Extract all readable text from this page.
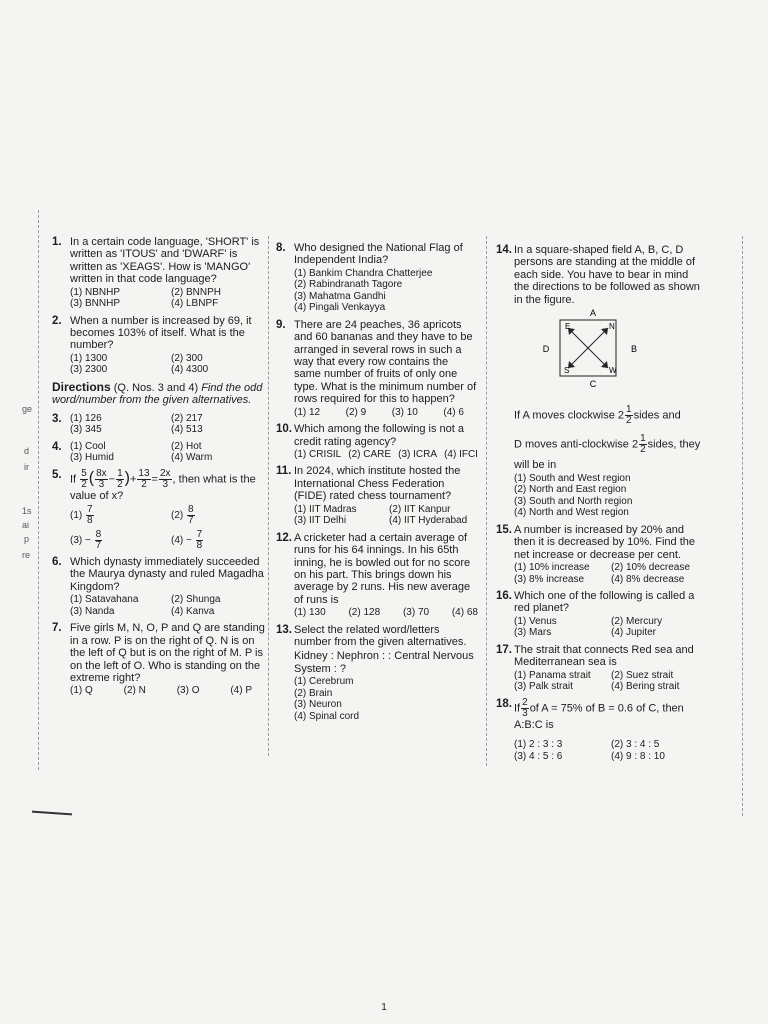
ge
d
ir
1s
ai
p
re
1. In a certain code language, 'SHORT' is written as 'ITOUS' and 'DWARF' is written as 'XEAGS'. How is 'MANGO' written in that code language?
(1) NBNHP	(2) BNNPH
(3) BNNHP	(4) LBNPF
2. When a number is increased by 69, it becomes 103% of itself. What is the number?
(1) 1300	(2) 300
(3) 2300	(4) 4300
Directions (Q. Nos. 3 and 4) Find the odd word/number from the given alternatives.
3. (1) 126	(2) 217
(3) 345	(4) 513
4. (1) Cool	(2) Hot
(3) Humid	(4) Warm
5. If $\frac{5}{2}$ ( $\frac{8x}{3} - \frac{1}{2}$ )+ $\frac{13}{2} = \frac{2x}{3}$ , then what is the value of x?
$(1) \frac{7}{8}$	$(2) \frac{8}{7}$
$(3) - \frac{8}{7}$	$(4) - \frac{7}{8}$
6. Which dynasty immediately succeeded the Maurya dynasty and ruled Magadha Kingdom?
(1) Satavahana	(2) Shunga
(3) Nanda	(4) Kanva
7. Five girls M, N, O, P and Q are standing in a row. P is on the right of Q. N is on the left of Q but is on the right of M. P is on the left of O. Who is standing on the extreme right?
(1) Q	(2) N	(3) O	(4) P
8. Who designed the National Flag of Independent India?
(1) Bankim Chandra Chatterjee
(2) Rabindranath Tagore
(3) Mahatma Gandhi
(4) Pingali Venkayya
9. There are 24 peaches, 36 apricots and 60 bananas and they have to be arranged in several rows in such a way that every row contains the same number of fruits of only one type. What is the minimum number of rows required for this to happen?
(1) 12	(2) 9	(3) 10	(4) 6
10. Which among the following is not a credit rating agency?
(1) CRISIL (2) CARE (3) ICRA (4) IFCI
11. In 2024, which institute hosted the International Chess Federation (FIDE) rated chess tournament?
(1) IIT Madras	(2) IIT Kanpur
(3) IIT Delhi	(4) IIT Hyderabad
12. A cricketer had a certain average of runs for his 64 innings. In his 65th inning, he is bowled out for no score on his part. This brings down his average by 2 runs. His new average of runs is
(1) 130 (2) 128 (3) 70 (4) 68
13. Select the related word/letters number from the given alternatives.
Kidney : Nephron : : Central Nervous System : ?
(1) Cerebrum
(2) Brain
(3) Neuron
(4) Spinal cord
14. In a square-shaped field A, B, C, D persons are standing at the middle of each side. You have to bear in mind the directions to be followed as shown in the figure.
A
C
D	B
E	N
S	W
If A moves clockwise $2 \frac{1}{2}$ sides and
D moves anti-clockwise $2 \frac{1}{2}$ sides, they
will be in
(1) South and West region
(2) North and East region
(3) South and North region
(4) North and West region
15. A number is increased by 20% and then it is decreased by 10%. Find the net increase or decrease per cent.
(1) 10% increase	(2) 10% decrease
(3) 8% increase	(4) 8% decrease
16. Which one of the following is called a red planet?
(1) Venus	(2) Mercury
(3) Mars	(4) Jupiter
17. The strait that connects Red sea and Mediterranean sea is
(1) Panama strait	(2) Suez strait
(3) Palk strait	(4) Bering strait
18. If $\frac{2}{3}$ of A = 75% of B = 0.6 of C, then
A:B:C is
(1) 2 : 3 : 3	(2) 3 : 4 : 5
(3) 4 : 5 : 6	(4) 9 : 8 : 10
1
